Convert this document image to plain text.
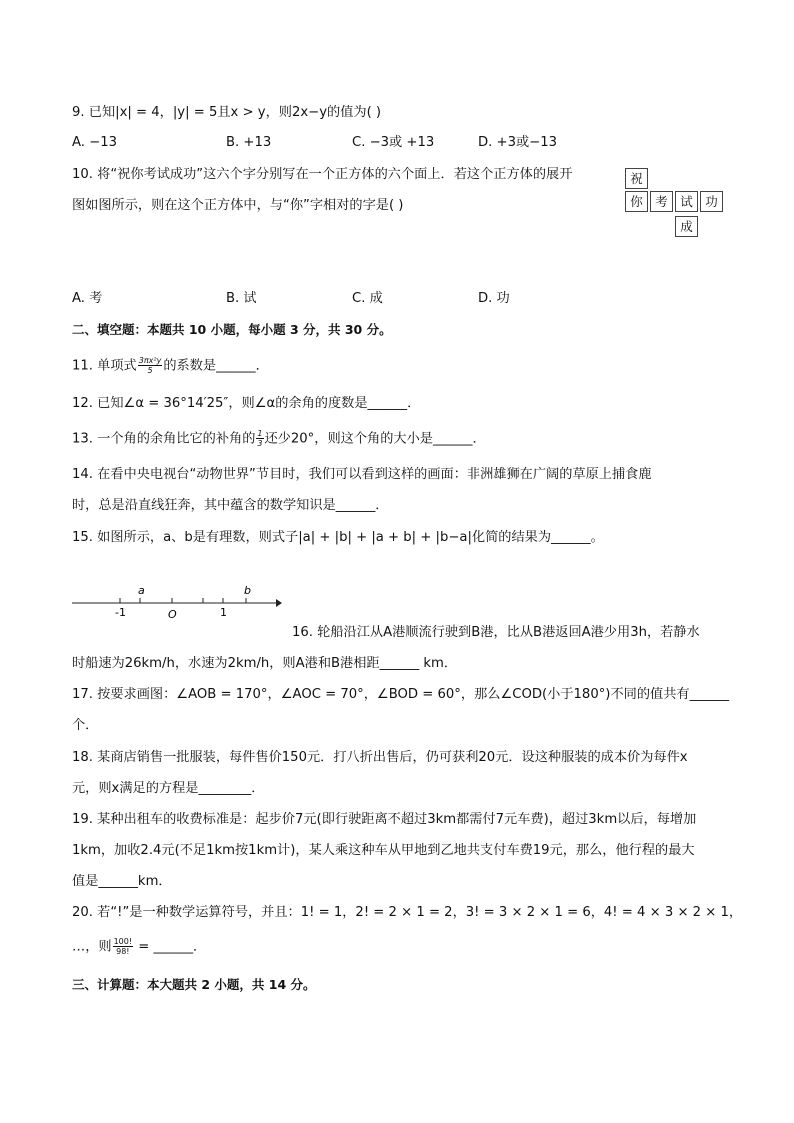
9. 已知|x| = 4，|y| = 5且x > y，则2x−y的值为( )
A. −13	B. +13	C. −3或 +13	D. +3或−13
10. 将“祝你考试成功”这六个字分别写在一个正方体的六个面上．若这个正方体的展开
图如图所示，则在这个正方体中，与“你”字相对的字是( )
祝
你 考 试 功
成
A. 考	B. 试	C. 成	D. 功
二、填空题：本题共 10 小题，每小题 3 分，共 30 分。
11. 单项式 $\frac{\text{3πx²y}}{5}$ 的系数是______．
12. 已知∠α = 36°14′25″，则∠α的余角的度数是______．
13. 一个角的余角比它的补角的 $\frac{1}{3}$ 还少20°，则这个角的大小是______．
14. 在看中央电视台“动物世界”节目时，我们可以看到这样的画面：非洲雄狮在广阔的草原上捕食鹿
时，总是沿直线狂奔，其中蕴含的数学知识是______．
15. 如图所示，a、b是有理数，则式子|a| + |b| + |a + b| + |b−a|化简的结果为______。
a	b
-1	O	1
16. 轮船沿江从A港顺流行驶到B港，比从B港返回A港少用3h，若静水
时船速为26km/h，水速为2km/h，则A港和B港相距______ km．
17. 按要求画图：∠AOB = 170°，∠AOC = 70°，∠BOD = 60°，那么∠COD(小于180°)不同的值共有______
个．
18. 某商店销售一批服装，每件售价150元．打八折出售后，仍可获利20元．设这种服装的成本价为每件x
元，则x满足的方程是________．
19. 某种出租车的收费标准是：起步价7元(即行驶距离不超过3km都需付7元车费)，超过3km以后，每增加
1km，加收2.4元(不足1km按1km计)，某人乘这种车从甲地到乙地共支付车费19元，那么，他行程的最大
值是______km．
20. 若“!”是一种数学运算符号，并且：1! = 1，2! = 2 × 1 = 2，3! = 3 × 2 × 1 = 6，4! = 4 × 3 × 2 × 1，
…，则 $\frac{100!}{98!}$ = ______．
三、计算题：本大题共 2 小题，共 14 分。
